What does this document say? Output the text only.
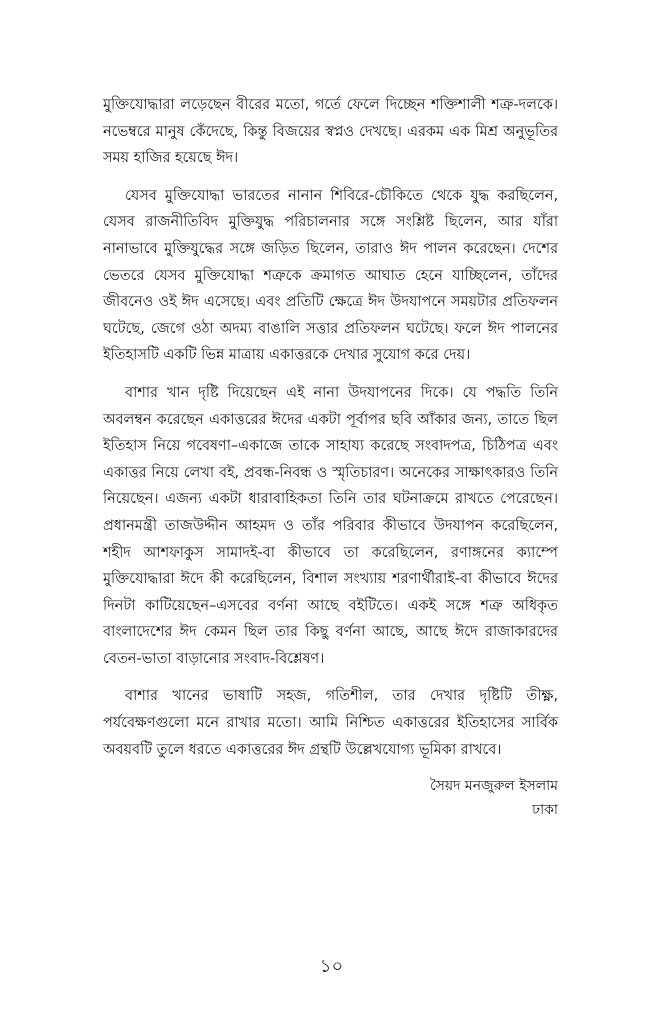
মুক্তিযোদ্ধারা লড়েছেন বীরের মতো, গর্তে ফেলে দিচ্ছেন শক্তিশালী শত্রু-দলকে। নভেম্বরে মানুষ কেঁদেছে, কিন্তু বিজয়ের স্বপ্নও দেখছে। এরকম এক মিশ্র অনুভূতির সময় হাজির হয়েছে ঈদ।

যেসব মুক্তিযোদ্ধা ভারতের নানান শিবিরে-চৌকিতে থেকে যুদ্ধ করছিলেন, যেসব রাজনীতিবিদ মুক্তিযুদ্ধ পরিচালনার সঙ্গে সংশ্লিষ্ট ছিলেন, আর যাঁরা নানাভাবে মুক্তিযুদ্ধের সঙ্গে জড়িত ছিলেন, তারাও ঈদ পালন করেছেন। দেশের ভেতরে যেসব মুক্তিযোদ্ধা শত্রুকে ক্রমাগত আঘাত হেনে যাচ্ছিলেন, তাঁদের জীবনেও ওই ঈদ এসেছে। এবং প্রতিটি ক্ষেত্রে ঈদ উদযাপনে সময়টার প্রতিফলন ঘটেছে, জেগে ওঠা অদম্য বাঙালি সত্তার প্রতিফলন ঘটেছে। ফলে ঈদ পালনের ইতিহাসটি একটি ভিন্ন মাত্রায় একাত্তরকে দেখার সুযোগ করে দেয়।

বাশার খান দৃষ্টি দিয়েছেন এই নানা উদযাপনের দিকে। যে পদ্ধতি তিনি অবলম্বন করেছেন একাত্তরের ঈদের একটা পূর্বাপর ছবি আঁকার জন্য, তাতে ছিল ইতিহাস নিয়ে গবেষণা–একাজে তাকে সাহায্য করেছে সংবাদপত্র, চিঠিপত্র এবং একাত্তর নিয়ে লেখা বই, প্রবন্ধ-নিবন্ধ ও স্মৃতিচারণ। অনেকের সাক্ষাৎকারও তিনি নিয়েছেন। এজন্য একটা ধারাবাহিকতা তিনি তার ঘটনাক্রমে রাখতে পেরেছেন। প্রধানমন্ত্রী তাজউদ্দীন আহমদ ও তাঁর পরিবার কীভাবে উদযাপন করেছিলেন, শহীদ আশফাকুস সামাদই-বা কীভাবে তা করেছিলেন, রণাঙ্গনের ক্যাম্পে মুক্তিযোদ্ধারা ঈদে কী করেছিলেন, বিশাল সংখ্যায় শরণার্থীরাই-বা কীভাবে ঈদের দিনটা কাটিয়েছেন–এসবের বর্ণনা আছে বইটিতে। একই সঙ্গে শত্রু অধিকৃত বাংলাদেশের ঈদ কেমন ছিল তার কিছু বর্ণনা আছে, আছে ঈদে রাজাকারদের বেতন-ভাতা বাড়ানোর সংবাদ-বিশ্লেষণ।

বাশার খানের ভাষাটি সহজ, গতিশীল, তার দেখার দৃষ্টিটি তীক্ষ্ণ, পর্যবেক্ষণগুলো মনে রাখার মতো। আমি নিশ্চিত একাত্তরের ইতিহাসের সার্বিক অবয়বটি তুলে ধরতে একাত্তরের ঈদ গ্রন্থটি উল্লেখযোগ্য ভূমিকা রাখবে।

সৈয়দ মনজুরুল ইসলাম
ঢাকা
১০
